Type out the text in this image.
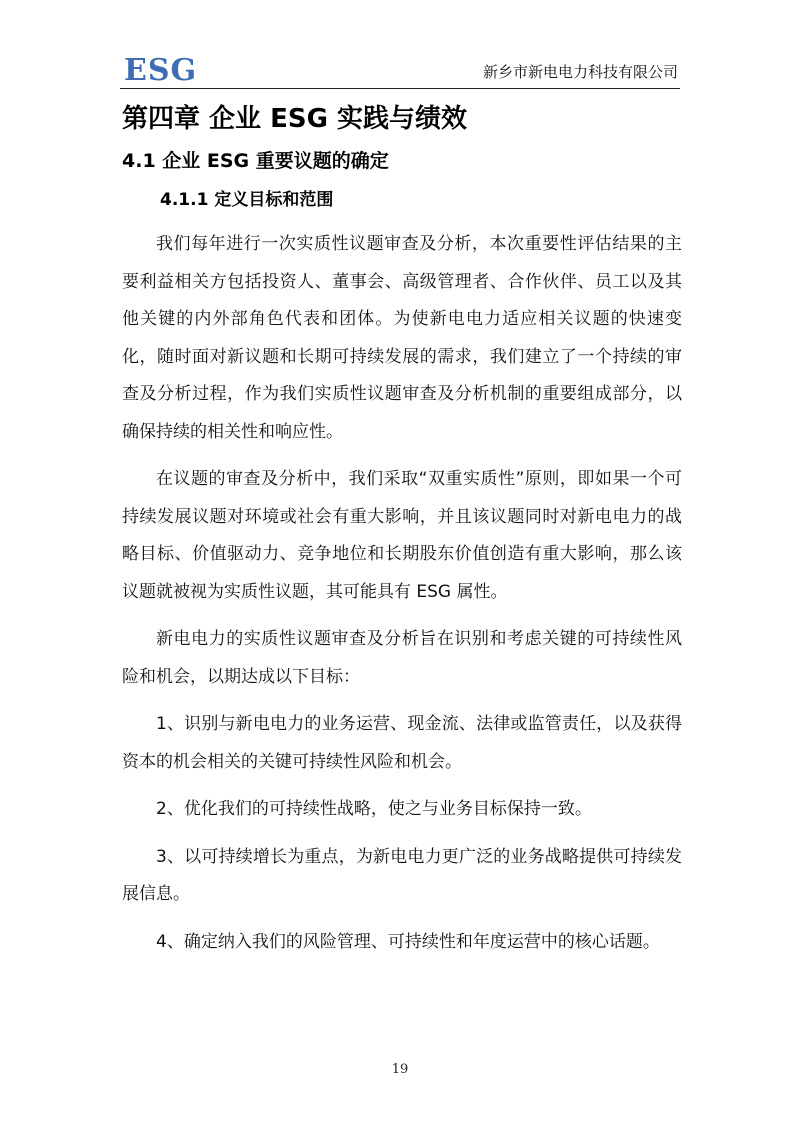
ESG	新乡市新电电力科技有限公司
第四章 企业 ESG 实践与绩效
4.1 企业 ESG 重要议题的确定
4.1.1 定义目标和范围

我们每年进行一次实质性议题审查及分析，本次重要性评估结果的主要利益相关方包括投资人、董事会、高级管理者、合作伙伴、员工以及其他关键的内外部角色代表和团体。为使新电电力适应相关议题的快速变化，随时面对新议题和长期可持续发展的需求，我们建立了一个持续的审查及分析过程，作为我们实质性议题审查及分析机制的重要组成部分，以确保持续的相关性和响应性。

在议题的审查及分析中，我们采取“双重实质性”原则，即如果一个可持续发展议题对环境或社会有重大影响，并且该议题同时对新电电力的战略目标、价值驱动力、竞争地位和长期股东价值创造有重大影响，那么该议题就被视为实质性议题，其可能具有 ESG 属性。

新电电力的实质性议题审查及分析旨在识别和考虑关键的可持续性风险和机会，以期达成以下目标：

1、识别与新电电力的业务运营、现金流、法律或监管责任，以及获得资本的机会相关的关键可持续性风险和机会。

2、优化我们的可持续性战略，使之与业务目标保持一致。

3、以可持续增长为重点，为新电电力更广泛的业务战略提供可持续发展信息。

4、确定纳入我们的风险管理、可持续性和年度运营中的核心话题。

19
